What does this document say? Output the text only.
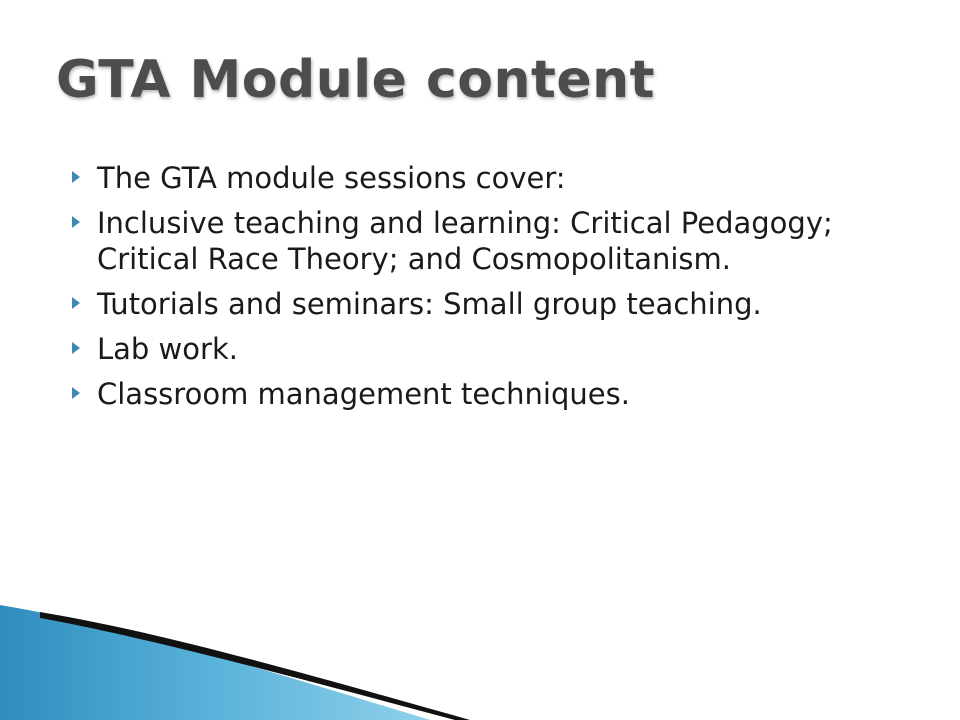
GTA Module content
The GTA module sessions cover:
Inclusive teaching and learning: Critical Pedagogy; Critical Race Theory; and Cosmopolitanism.
Tutorials and seminars: Small group teaching.
Lab work.
Classroom management techniques.
